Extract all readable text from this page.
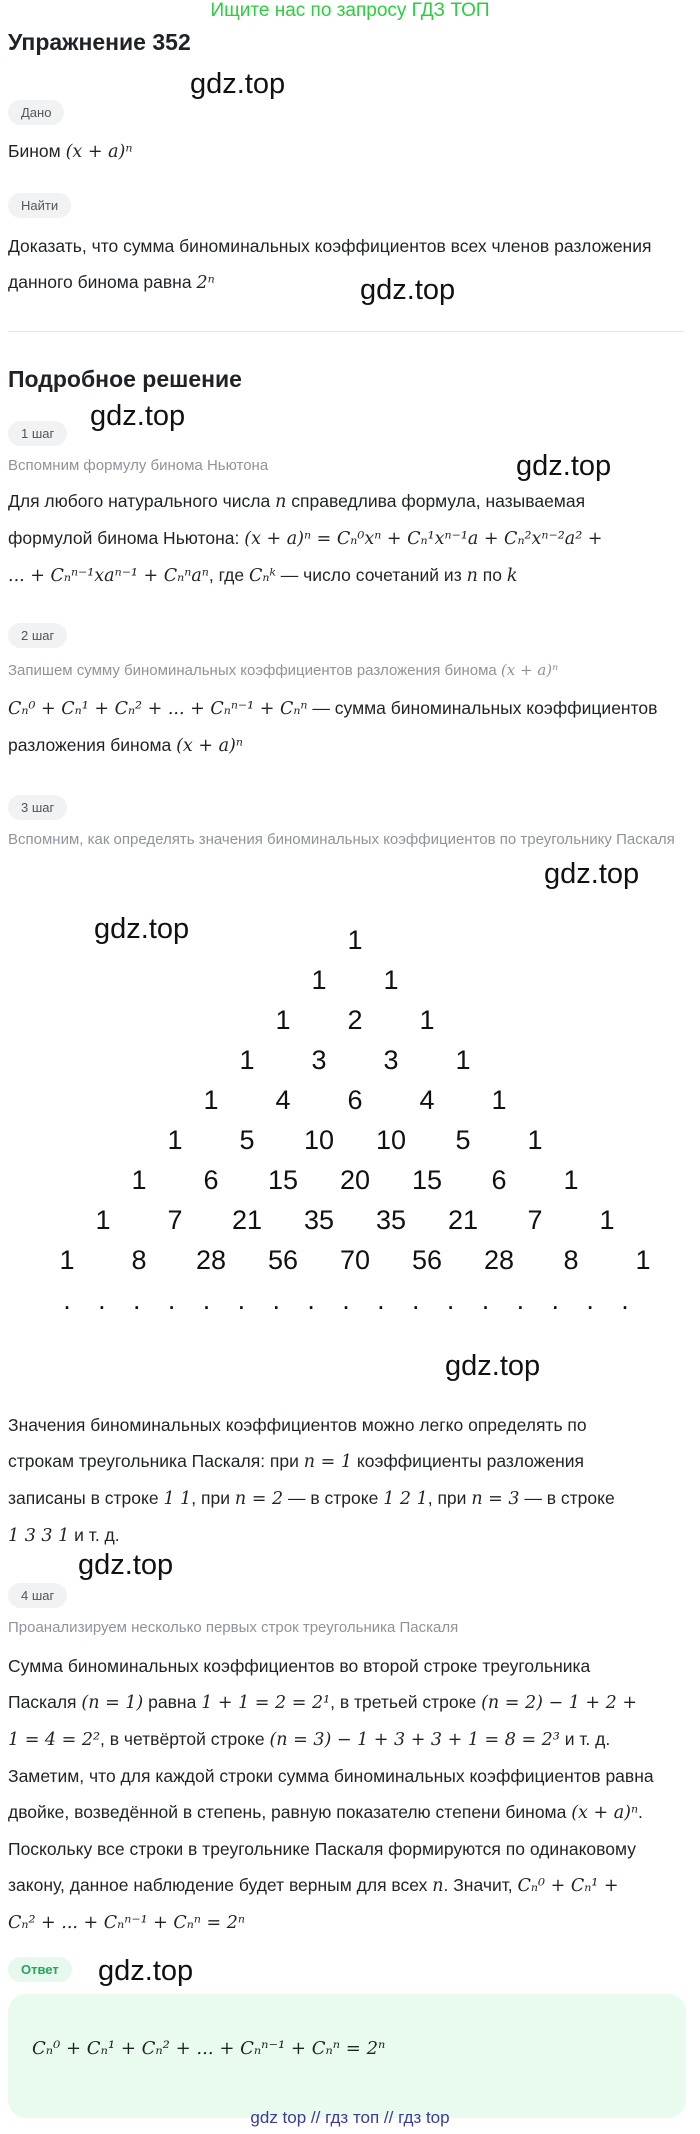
Ищите нас по запросу ГДЗ ТОП
Упражнение 352
gdz.top
gdz.top
gdz.top
gdz.top
gdz.top
gdz.top
gdz.top
gdz.top
gdz.top
Дано
Бином (x + a)ⁿ
Найти
Доказать, что сумма биноминальных коэффициентов всех членов разложения
данного бинома равна 2ⁿ
Подробное решение
1 шаг
Вспомним формулу бинома Ньютона
Для любого натурального числа n справедлива формула, называемая
формулой бинома Ньютона: (x + a)ⁿ = Cₙ⁰xⁿ + Cₙ¹xⁿ⁻¹a + Cₙ²xⁿ⁻²a² +
... + Cₙⁿ⁻¹xaⁿ⁻¹ + Cₙⁿaⁿ, где Cₙᵏ — число сочетаний из n по k
2 шаг
Запишем сумму биноминальных коэффициентов разложения бинома (x + a)ⁿ
Cₙ⁰ + Cₙ¹ + Cₙ² + ... + Cₙⁿ⁻¹ + Cₙⁿ — сумма биноминальных коэффициентов
разложения бинома (x + a)ⁿ
3 шаг
Вспомним, как определять значения биноминальных коэффициентов по треугольнику Паскаля
1
1 1
1 2 1
1 3 3 1
1 4 6 4 1
1 5 10 10 5 1
1 6 15 20 15 6 1
1 7 21 35 35 21 7 1
1 8 28 56 70 56 28 8 1
. . . . . . . . . . . . . . . . .
Значения биноминальных коэффициентов можно легко определять по
строкам треугольника Паскаля: при n = 1 коэффициенты разложения
записаны в строке 1 1, при n = 2 — в строке 1 2 1, при n = 3 — в строке
1 3 3 1 и т. д.
4 шаг
Проанализируем несколько первых строк треугольника Паскаля
Сумма биноминальных коэффициентов во второй строке треугольника
Паскаля (n = 1) равна 1 + 1 = 2 = 2¹, в третьей строке (n = 2) − 1 + 2 +
1 = 4 = 2², в четвёртой строке (n = 3) − 1 + 3 + 3 + 1 = 8 = 2³ и т. д.
Заметим, что для каждой строки сумма биноминальных коэффициентов равна
двойке, возведённой в степень, равную показателю степени бинома (x + a)ⁿ.
Поскольку все строки в треугольнике Паскаля формируются по одинаковому
закону, данное наблюдение будет верным для всех n. Значит, Cₙ⁰ + Cₙ¹ +
Cₙ² + ... + Cₙⁿ⁻¹ + Cₙⁿ = 2ⁿ
Ответ
Cₙ⁰ + Cₙ¹ + Cₙ² + ... + Cₙⁿ⁻¹ + Cₙⁿ = 2ⁿ
gdz top // гдз топ // гдз top
